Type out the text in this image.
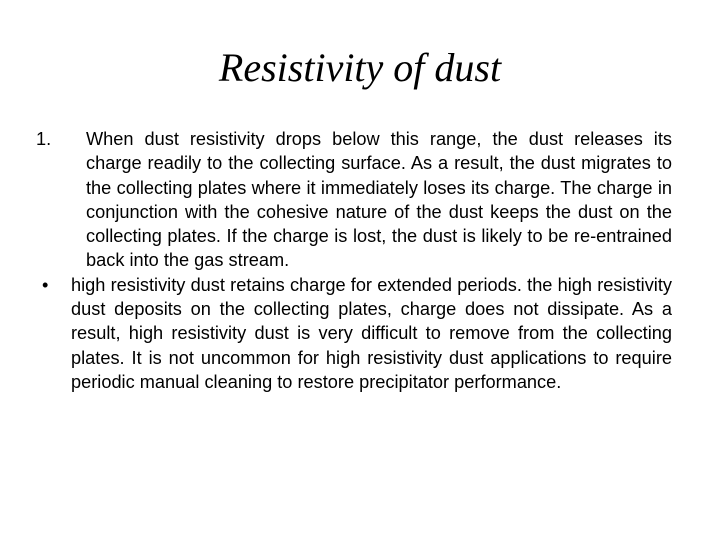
Resistivity of dust
1. When dust resistivity drops below this range, the dust releases its charge readily to the collecting surface. As a result, the dust migrates to the collecting plates where it immediately loses its charge. The charge in conjunction with the cohesive nature of the dust keeps the dust on the collecting plates. If the charge is lost, the dust is likely to be re-entrained back into the gas stream.
• high resistivity dust retains charge for extended periods. the high resistivity dust deposits on the collecting plates, charge does not dissipate. As a result, high resistivity dust is very difficult to remove from the collecting plates. It is not uncommon for high resistivity dust applications to require periodic manual cleaning to restore precipitator performance.
